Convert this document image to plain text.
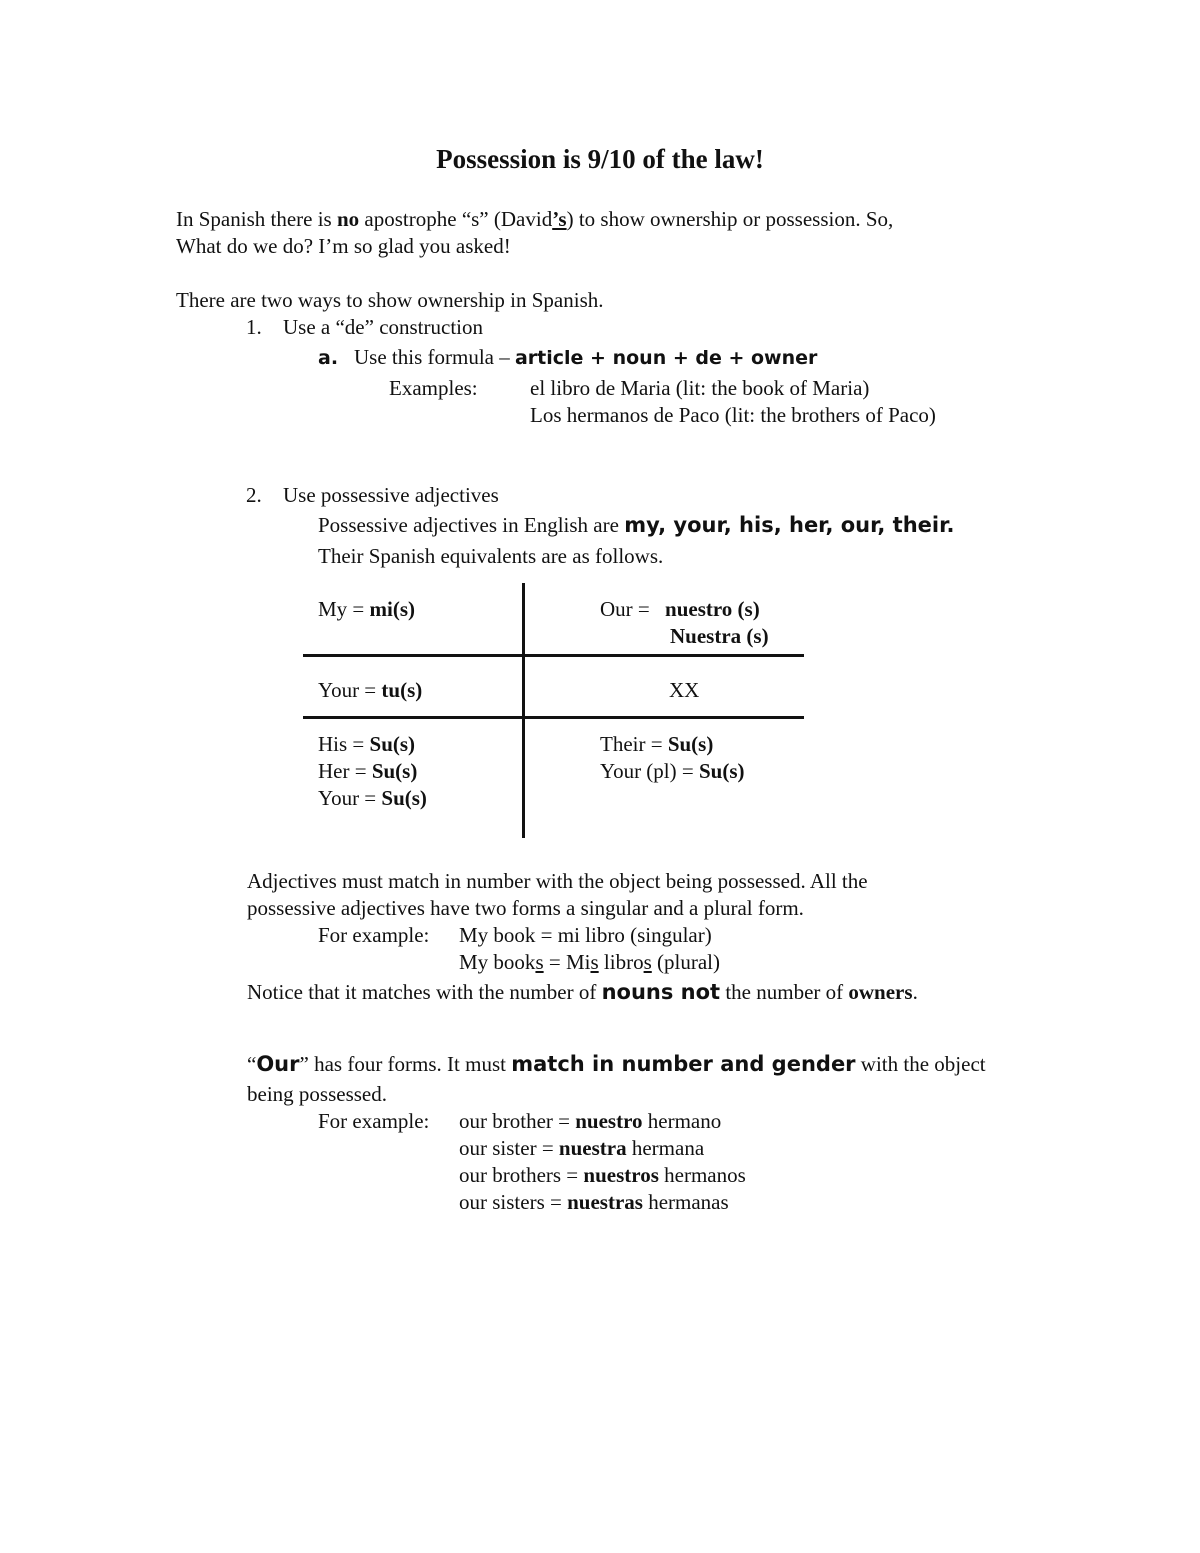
Possession is 9/10 of the law!
In Spanish there is no apostrophe “s” (David’s) to show ownership or possession. So,
What do we do? I’m so glad you asked!
There are two ways to show ownership in Spanish.
1. Use a “de” construction
a. Use this formula – article + noun + de + owner
Examples: el libro de Maria (lit: the book of Maria)
Los hermanos de Paco (lit: the brothers of Paco)
2. Use possessive adjectives
Possessive adjectives in English are my, your, his, her, our, their.
Their Spanish equivalents are as follows.
My = mi(s)	Our = nuestro (s)
Nuestra (s)
Your = tu(s)	XX
His = Su(s)
Her = Su(s)
Your = Su(s)
Their = Su(s)
Your (pl) = Su(s)
Adjectives must match in number with the object being possessed. All the
possessive adjectives have two forms a singular and a plural form.
For example: My book = mi libro (singular)
My books = Mis libros (plural)
Notice that it matches with the number of nouns not the number of owners.
“Our” has four forms. It must match in number and gender with the object
being possessed.
For example: our brother = nuestro hermano
our sister = nuestra hermana
our brothers = nuestros hermanos
our sisters = nuestras hermanas
